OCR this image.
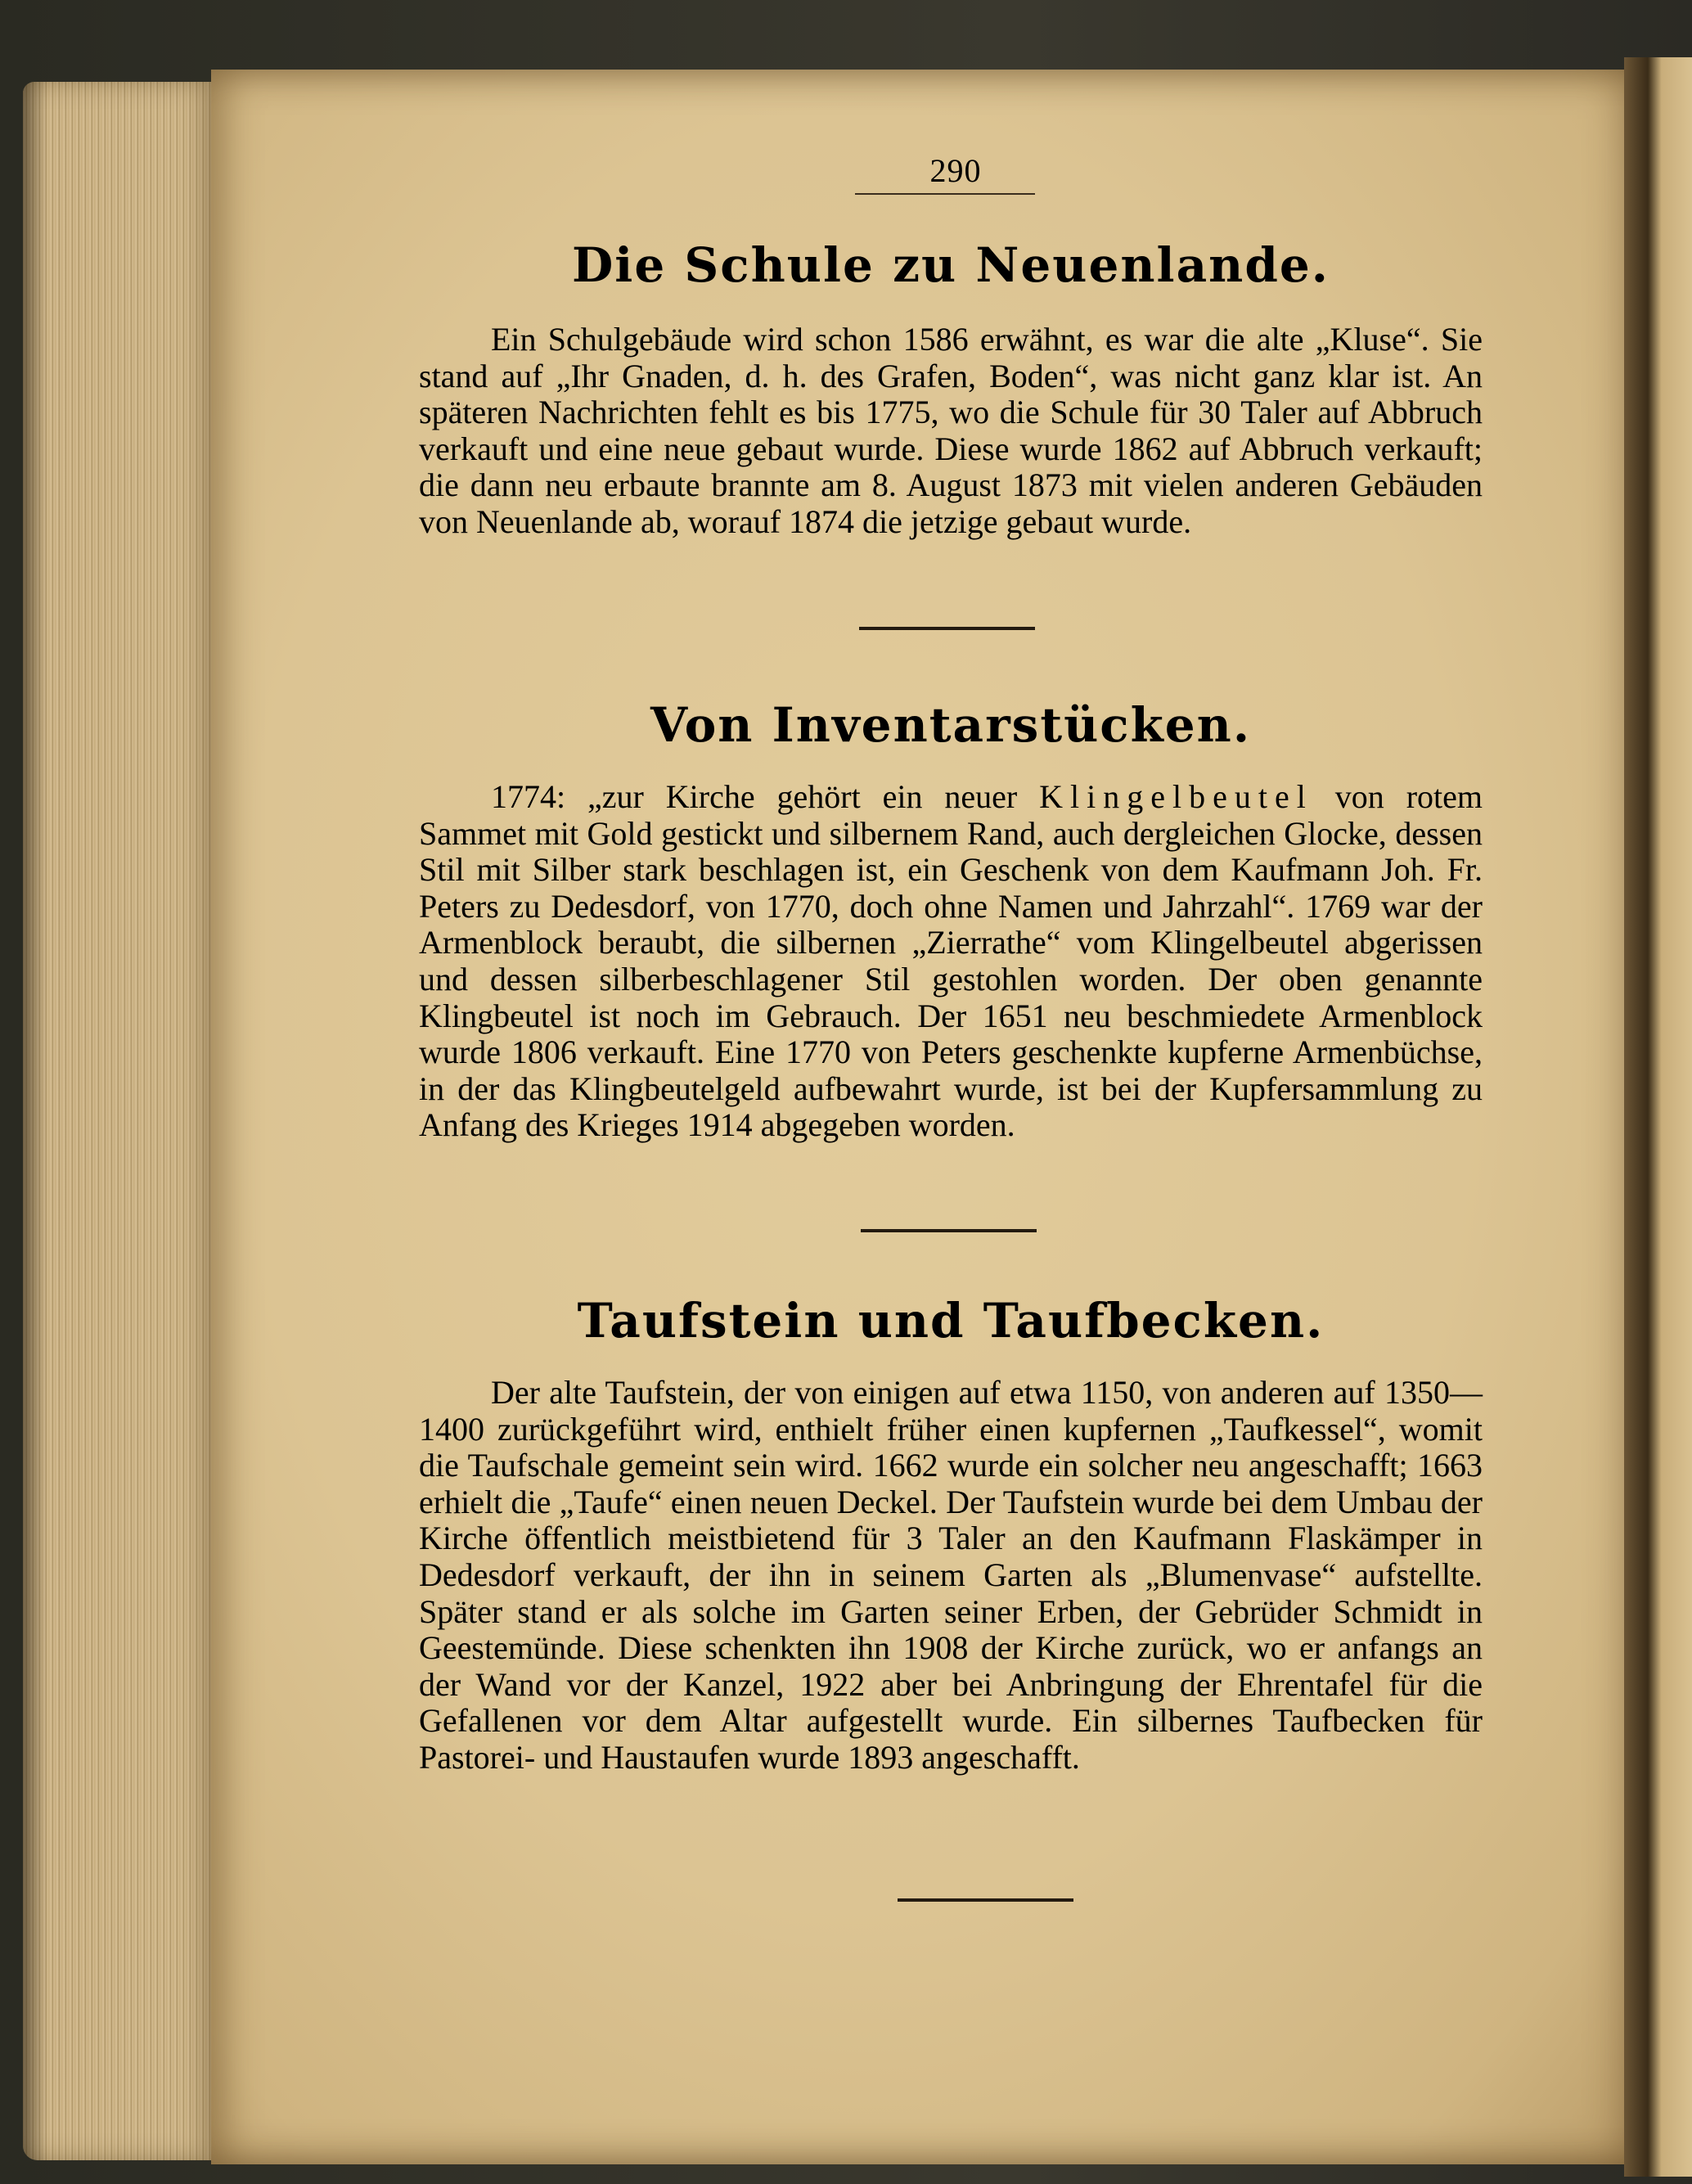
290
Die Schule zu Neuenlande.
Ein Schulgebäude wird schon 1586 erwähnt, es war die alte „Kluse“. Sie stand auf „Ihr Gnaden, d. h. des Grafen, Boden“, was nicht ganz klar ist. An späteren Nachrichten fehlt es bis 1775, wo die Schule für 30 Taler auf Abbruch verkauft und eine neue gebaut wurde. Diese wurde 1862 auf Abbruch verkauft; die dann neu erbaute brannte am 8. August 1873 mit vielen anderen Gebäuden von Neuenlande ab, worauf 1874 die jetzige gebaut wurde.
Von Inventarstücken.
1774: „zur Kirche gehört ein neuer Klingelbeutel von rotem Sammet mit Gold gestickt und silbernem Rand, auch dergleichen Glocke, dessen Stil mit Silber stark beschlagen ist, ein Geschenk von dem Kaufmann Joh. Fr. Peters zu Dedesdorf, von 1770, doch ohne Namen und Jahrzahl“. 1769 war der Armenblock beraubt, die silbernen „Zierrathe“ vom Klingelbeutel abgerissen und dessen silberbeschlagener Stil gestohlen worden. Der oben genannte Klingbeutel ist noch im Gebrauch. Der 1651 neu beschmiedete Armenblock wurde 1806 verkauft. Eine 1770 von Peters geschenkte kupferne Armenbüchse, in der das Klingbeutelgeld aufbewahrt wurde, ist bei der Kupfersammlung zu Anfang des Krieges 1914 abgegeben worden.
Taufstein und Taufbecken.
Der alte Taufstein, der von einigen auf etwa 1150, von anderen auf 1350—1400 zurückgeführt wird, enthielt früher einen kupfernen „Taufkessel“, womit die Taufschale gemeint sein wird. 1662 wurde ein solcher neu angeschafft; 1663 erhielt die „Taufe“ einen neuen Deckel. Der Taufstein wurde bei dem Umbau der Kirche öffentlich meistbietend für 3 Taler an den Kaufmann Flaskämper in Dedesdorf verkauft, der ihn in seinem Garten als „Blumenvase“ aufstellte. Später stand er als solche im Garten seiner Erben, der Gebrüder Schmidt in Geestemünde. Diese schenkten ihn 1908 der Kirche zurück, wo er anfangs an der Wand vor der Kanzel, 1922 aber bei Anbringung der Ehrentafel für die Gefallenen vor dem Altar aufgestellt wurde. Ein silbernes Taufbecken für Pastorei- und Haustaufen wurde 1893 angeschafft.
